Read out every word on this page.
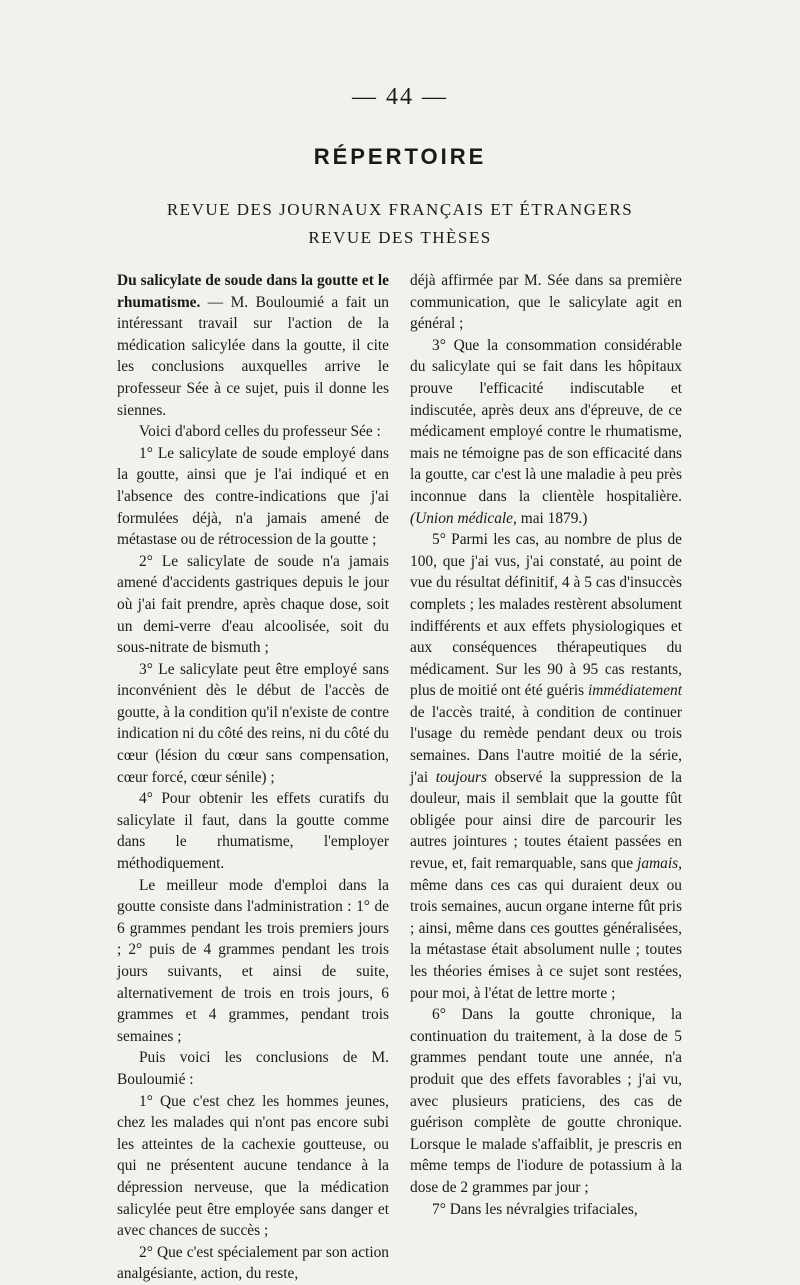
— 44 —
RÉPERTOIRE
REVUE DES JOURNAUX FRANÇAIS ET ÉTRANGERS
REVUE DES THÈSES

Du salicylate de soude dans la goutte et le rhumatisme. — M. Bouloumié a fait un intéressant travail sur l'action de la médication salicylée dans la goutte, il cite les conclusions auxquelles arrive le professeur Sée à ce sujet, puis il donne les siennes.

Voici d'abord celles du professeur Sée :

1° Le salicylate de soude employé dans la goutte, ainsi que je l'ai indiqué et en l'absence des contre-indications que j'ai formulées déjà, n'a jamais amené de métastase ou de rétrocession de la goutte ;

2° Le salicylate de soude n'a jamais amené d'accidents gastriques depuis le jour où j'ai fait prendre, après chaque dose, soit un demi-verre d'eau alcoolisée, soit du sous-nitrate de bismuth ;

3° Le salicylate peut être employé sans inconvénient dès le début de l'accès de goutte, à la condition qu'il n'existe de contre indication ni du côté des reins, ni du côté du cœur (lésion du cœur sans compensation, cœur forcé, cœur sénile) ;

4° Pour obtenir les effets curatifs du salicylate il faut, dans la goutte comme dans le rhumatisme, l'employer méthodiquement.

Le meilleur mode d'emploi dans la goutte consiste dans l'administration : 1° de 6 grammes pendant les trois premiers jours ; 2° puis de 4 grammes pendant les trois jours suivants, et ainsi de suite, alternativement de trois en trois jours, 6 grammes et 4 grammes, pendant trois semaines ;

Puis voici les conclusions de M. Bouloumié :

1° Que c'est chez les hommes jeunes, chez les malades qui n'ont pas encore subi les atteintes de la cachexie goutteuse, ou qui ne présentent aucune tendance à la dépression nerveuse, que la médication salicylée peut être employée sans danger et avec chances de succès ;

2° Que c'est spécialement par son action analgésiante, action, du reste,

déjà affirmée par M. Sée dans sa première communication, que le salicylate agit en général ;

3° Que la consommation considérable du salicylate qui se fait dans les hôpitaux prouve l'efficacité indiscutable et indiscutée, après deux ans d'épreuve, de ce médicament employé contre le rhumatisme, mais ne témoigne pas de son efficacité dans la goutte, car c'est là une maladie à peu près inconnue dans la clientèle hospitalière. (Union médicale, mai 1879.)

5° Parmi les cas, au nombre de plus de 100, que j'ai vus, j'ai constaté, au point de vue du résultat définitif, 4 à 5 cas d'insuccès complets ; les malades restèrent absolument indifférents et aux effets physiologiques et aux conséquences thérapeutiques du médicament. Sur les 90 à 95 cas restants, plus de moitié ont été guéris immédiatement de l'accès traité, à condition de continuer l'usage du remède pendant deux ou trois semaines. Dans l'autre moitié de la série, j'ai toujours observé la suppression de la douleur, mais il semblait que la goutte fût obligée pour ainsi dire de parcourir les autres jointures ; toutes étaient passées en revue, et, fait remarquable, sans que jamais, même dans ces cas qui duraient deux ou trois semaines, aucun organe interne fût pris ; ainsi, même dans ces gouttes généralisées, la métastase était absolument nulle ; toutes les théories émises à ce sujet sont restées, pour moi, à l'état de lettre morte ;

6° Dans la goutte chronique, la continuation du traitement, à la dose de 5 grammes pendant toute une année, n'a produit que des effets favorables ; j'ai vu, avec plusieurs praticiens, des cas de guérison complète de goutte chronique. Lorsque le malade s'affaiblit, je prescris en même temps de l'iodure de potassium à la dose de 2 grammes par jour ;

7° Dans les névralgies trifaciales,
